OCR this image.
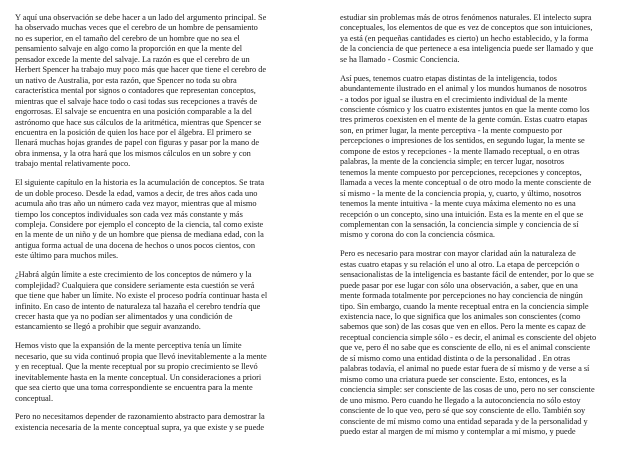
Y aquí una observación se debe hacer a un lado del argumento principal. Se
ha observado muchas veces que el cerebro de un hombre de pensamiento
no es superior, en el tamaño del cerebro de un hombre que no sea el
pensamiento salvaje en algo como la proporción en que la mente del
pensador excede la mente del salvaje. La razón es que el cerebro de un
Herbert Spencer ha trabajo muy poco más que hacer que tiene el cerebro de
un nativo de Australia, por esta razón, que Spencer no toda su obra
característica mental por signos o contadores que representan conceptos,
mientras que el salvaje hace todo o casi todas sus recepciones a través de
engorrosas. El salvaje se encuentra en una posición comparable a la del
astrónomo que hace sus cálculos de la aritmética, mientras que Spencer se
encuentra en la posición de quien los hace por el álgebra. El primero se
llenará muchas hojas grandes de papel con figuras y pasar por la mano de
obra inmensa, y la otra hará que los mismos cálculos en un sobre y con
trabajo mental relativamente poco.

El siguiente capítulo en la historia es la acumulación de conceptos. Se trata
de un doble proceso. Desde la edad, vamos a decir, de tres años cada uno
acumula año tras año un número cada vez mayor, mientras que al mismo
tiempo los conceptos individuales son cada vez más constante y más
compleja. Considere por ejemplo el concepto de la ciencia, tal como existe
en la mente de un niño y de un hombre que piensa de mediana edad, con la
antigua forma actual de una docena de hechos o unos pocos cientos, con
este último para muchos miles.

¿Habrá algún límite a este crecimiento de los conceptos de número y la
complejidad? Cualquiera que considere seriamente esta cuestión se verá
que tiene que haber un límite. No existe el proceso podría continuar hasta el
infinito. En caso de intento de naturaleza tal hazaña el cerebro tendría que
crecer hasta que ya no podían ser alimentados y una condición de
estancamiento se llegó a prohibir que seguir avanzando.

Hemos visto que la expansión de la mente perceptiva tenía un límite
necesario, que su vida continuó propia que llevó inevitablemente a la mente
y en receptual. Que la mente receptual por su propio crecimiento se llevó
inevitablemente hasta en la mente conceptual. Un consideraciones a priori
que sea cierto que una toma correspondiente se encuentra para la mente
conceptual.

Pero no necesitamos depender de razonamiento abstracto para demostrar la
existencia necesaria de la mente conceptual supra, ya que existe y se puede

estudiar sin problemas más de otros fenómenos naturales. El intelecto supra
conceptuales, los elementos de que es vez de conceptos que son intuiciones,
ya está (en pequeñas cantidades es cierto) un hecho establecido, y la forma
de la conciencia de que pertenece a esa inteligencia puede ser llamado y que
se ha llamado - Cosmic Conciencia.

Así pues, tenemos cuatro etapas distintas de la inteligencia, todos
abundantemente ilustrado en el animal y los mundos humanos de nosotros
- a todos por igual se ilustra en el crecimiento individual de la mente
consciente cósmico y los cuatro existentes juntos en que la mente como los
tres primeros coexisten en el mente de la gente común. Estas cuatro etapas
son, en primer lugar, la mente perceptiva - la mente compuesto por
percepciones o impresiones de los sentidos, en segundo lugar, la mente se
compone de estos y recepciones - la mente llamado receptual, o en otras
palabras, la mente de la conciencia simple; en tercer lugar, nosotros
tenemos la mente compuesto por percepciones, recepciones y conceptos,
llamada a veces la mente conceptual o de otro modo la mente consciente de
sí mismo - la mente de la conciencia propia, y, cuarto, y último, nosotros
tenemos la mente intuitiva - la mente cuya máxima elemento no es una
recepción o un concepto, sino una intuición. Esta es la mente en el que se
complementan con la sensación, la conciencia simple y conciencia de sí
mismo y corona do con la conciencia cósmica.

Pero es necesario para mostrar con mayor claridad aún la naturaleza de
estas cuatro etapas y su relación el uno al otro. La etapa de percepción o
sensacionalistas de la inteligencia es bastante fácil de entender, por lo que se
puede pasar por ese lugar con sólo una observación, a saber, que en una
mente formada totalmente por percepciones no hay conciencia de ningún
tipo. Sin embargo, cuando la mente receptual entra en la conciencia simple
existencia nace, lo que significa que los animales son conscientes (como
sabemos que son) de las cosas que ven en ellos. Pero la mente es capaz de
receptual conciencia simple sólo - es decir, el animal es consciente del objeto
que ve, pero él no sabe que es consciente de ello, ni es el animal consciente
de sí mismo como una entidad distinta o de la personalidad . En otras
palabras todavía, el animal no puede estar fuera de sí mismo y de verse a sí
mismo como una criatura puede ser consciente. Esto, entonces, es la
conciencia simple: ser consciente de las cosas de uno, pero no ser consciente
de uno mismo. Pero cuando he llegado a la autoconciencia no sólo estoy
consciente de lo que veo, pero sé que soy consciente de ello. También soy
consciente de mí mismo como una entidad separada y de la personalidad y
puedo estar al margen de mí mismo y contemplar a mí mismo, y puede
